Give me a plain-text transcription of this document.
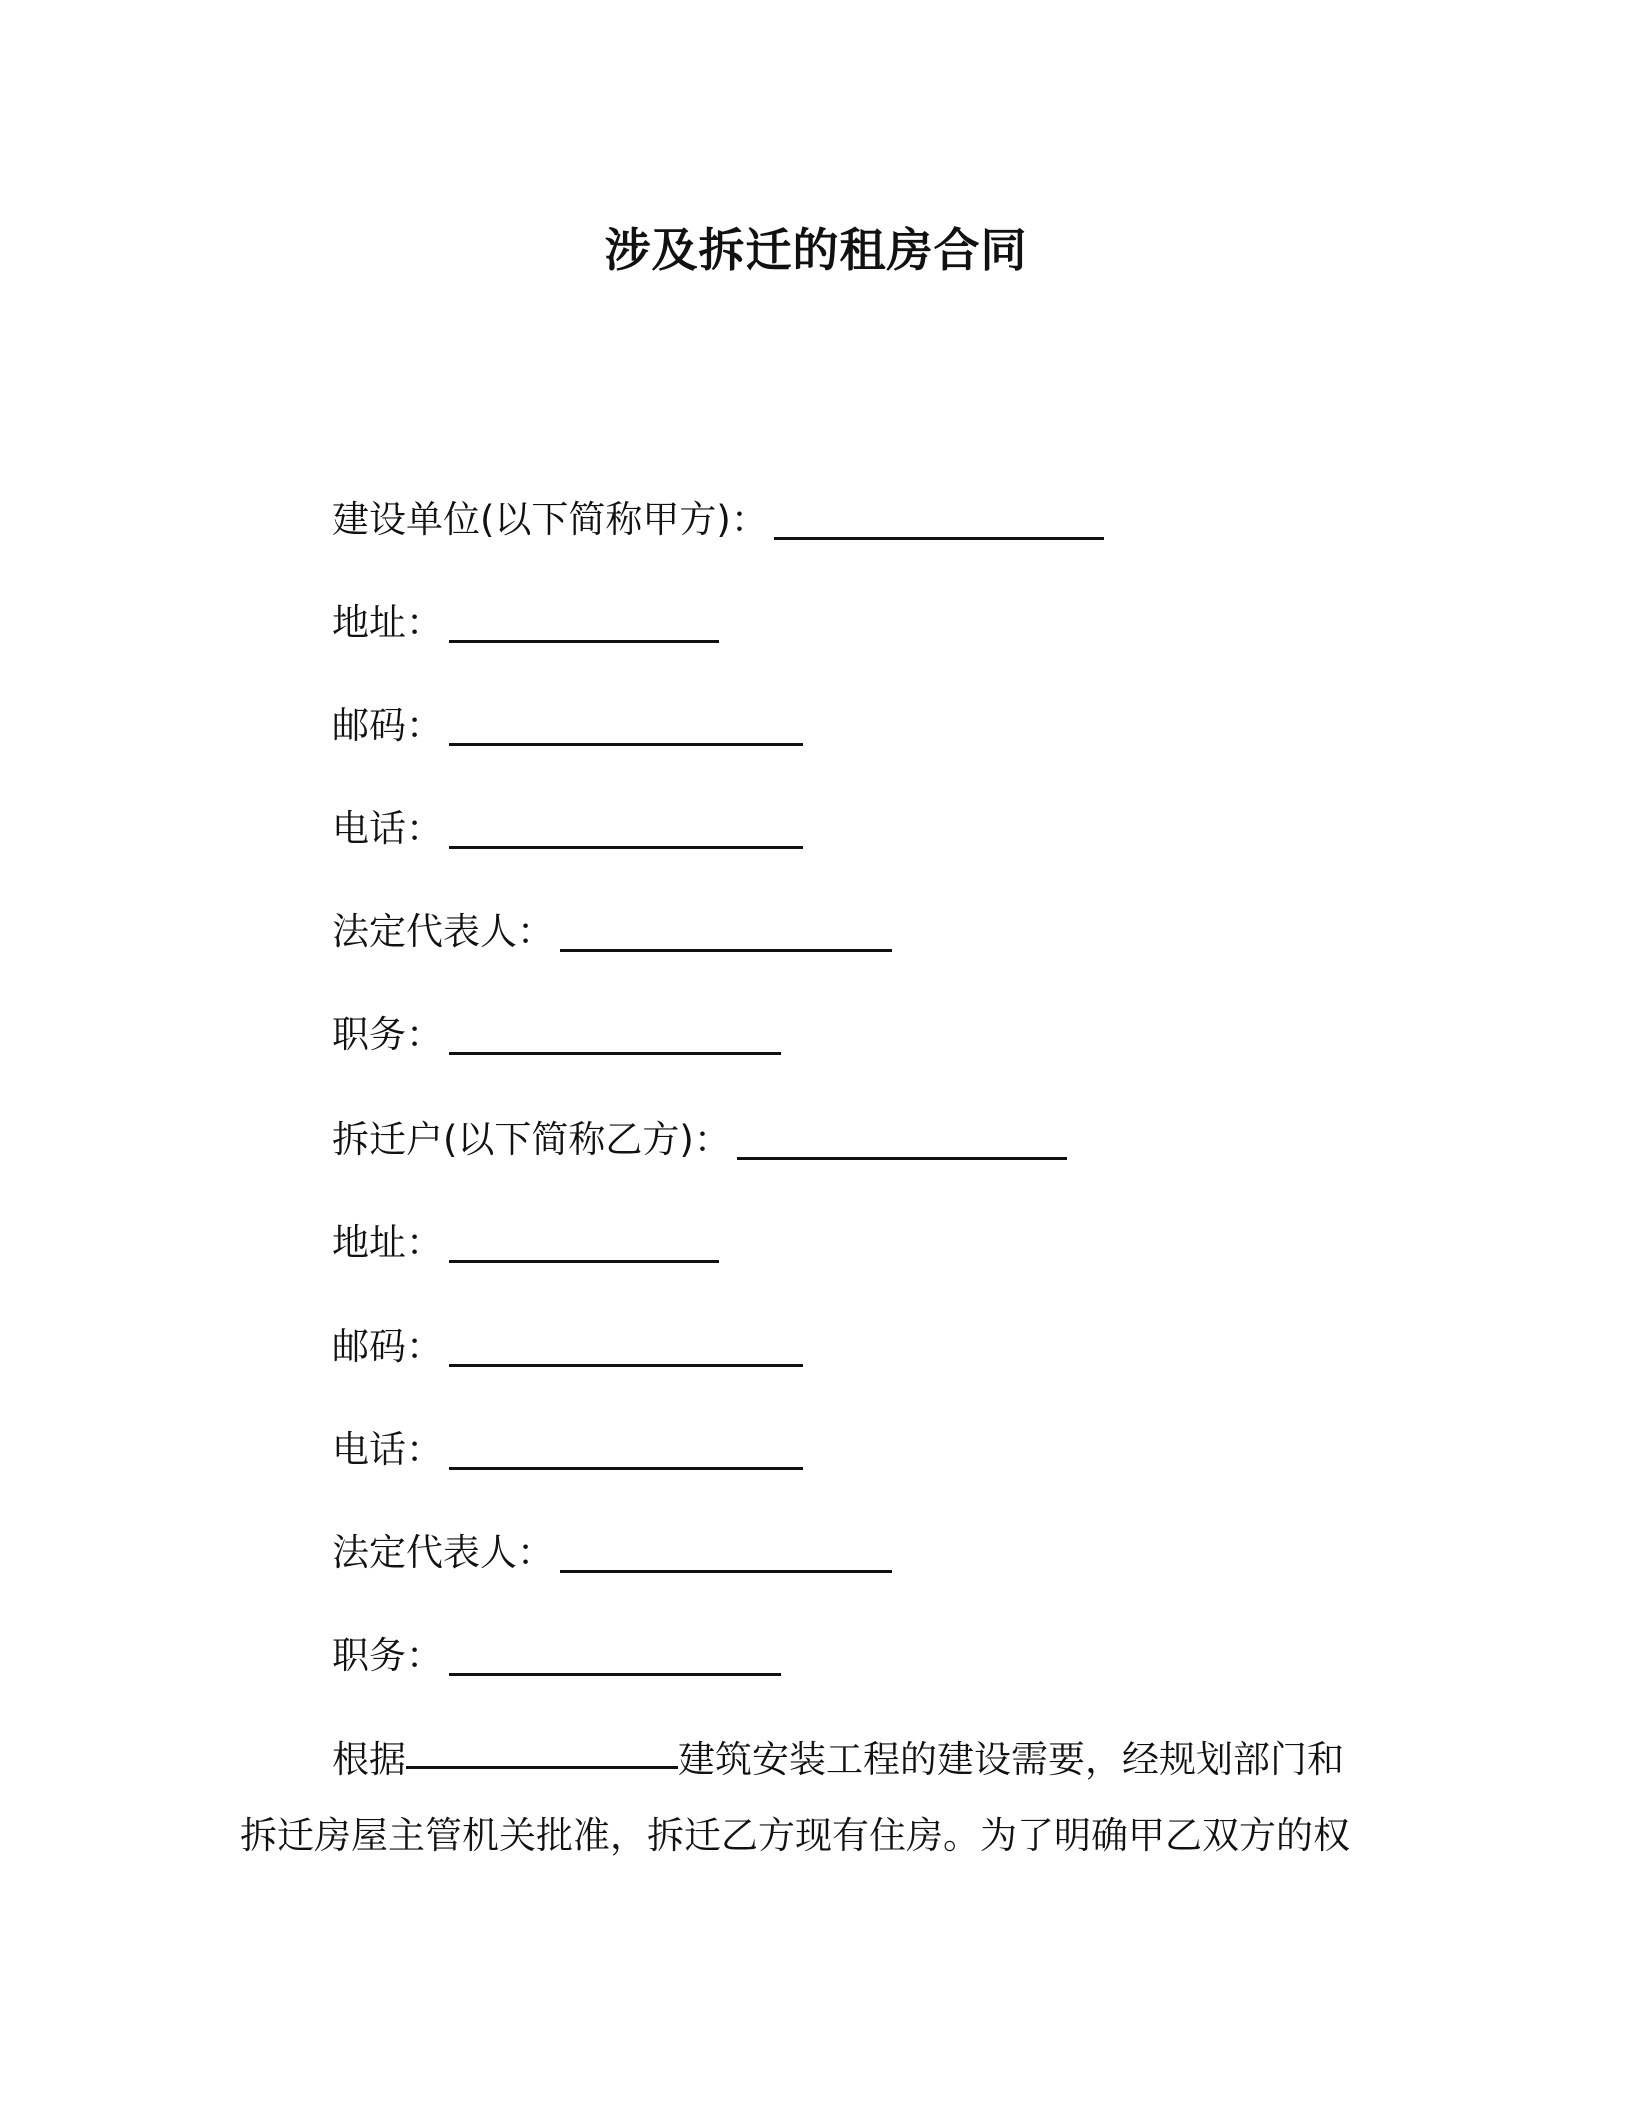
涉及拆迁的租房合同
建设单位(以下简称甲方)：
地址：
邮码：
电话：
法定代表人：
职务：
拆迁户(以下简称乙方)：
地址：
邮码：
电话：
法定代表人：
职务：
根据	建筑安装工程的建设需要，经规划部门和
拆迁房屋主管机关批准，拆迁乙方现有住房。为了明确甲乙双方的权
